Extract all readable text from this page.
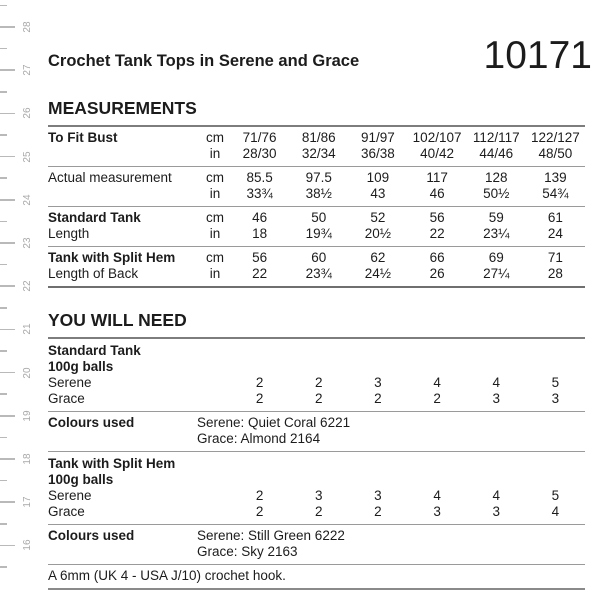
28
27
26
25
24
23
22
21
20
19
18
17
16
Crochet Tank Tops in Serene and Grace	10171
MEASUREMENTS
To Fit Bust	cm	71/76	81/86	91/97	102/107 112/117 122/127
in	28/30	32/34	36/38	40/42	44/46	48/50
Actual measurement	cm	85.5	97.5	109	117	128	139
in	33¾	38½	43	46	50½	54¾
Standard Tank	cm	46	50	52	56	59	61
Length	in	18	19¾	20½	22	23¼	24
Tank with Split Hem	cm	56	60	62	66	69	71
Length of Back	in	22	23¾	24½	26	27¼	28
YOU WILL NEED
Standard Tank
100g balls
Serene	2	2	3	4	4	5
Grace	2	2	2	2	3	3
Colours used	Serene: Quiet Coral 6221
Grace: Almond 2164
Tank with Split Hem
100g balls
Serene	2	3	3	4	4	5
Grace	2	2	2	3	3	4
Colours used	Serene: Still Green 6222
Grace: Sky 2163
A 6mm (UK 4 - USA J/10) crochet hook.
